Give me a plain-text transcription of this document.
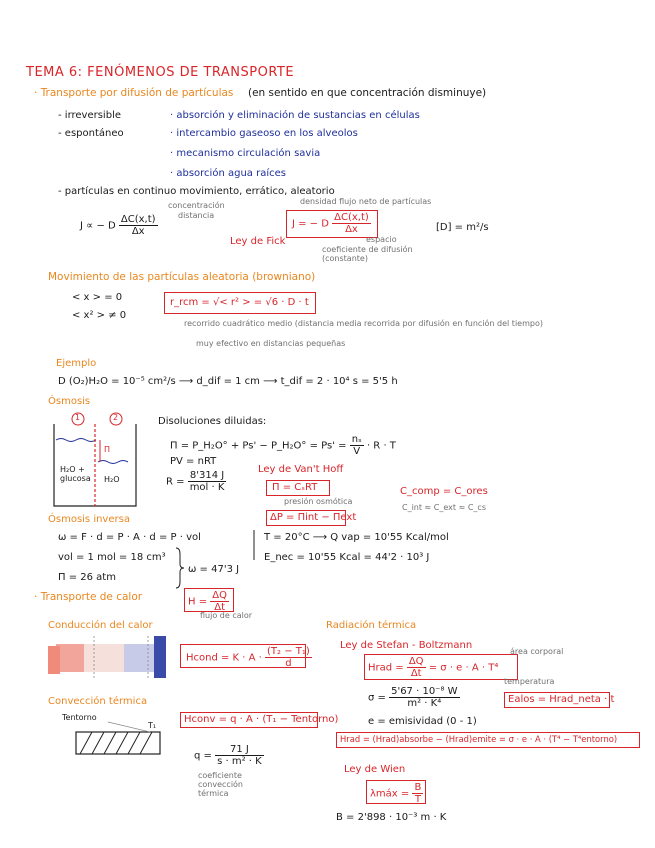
TEMA 6: FENÓMENOS DE TRANSPORTE
· Transporte por difusión de partículas (en sentido en que concentración disminuye)
- irreversible
- espontáneo
· absorción y eliminación de sustancias en células
· intercambio gaseoso en los alveolos
· mecanismo circulación savia
· absorción agua raíces
- partículas en continuo movimiento, errático, aleatorio
J ∝ − D $\frac{\Delta C(x,t)}{\Delta x}$
concentración
distancia
J = − D $\frac{\Delta C(x,t)}{\Delta x}$
densidad flujo neto de partículas
espacio
coeficiente de difusión (constante)
Ley de Fick
[D] = m²/s
Movimiento de las partículas aleatoria (browniano)
< x > = 0
< x² > ≠ 0
r_rcm = √< r² > = √6 · D · t
recorrido cuadrático medio (distancia media recorrida por difusión en función del tiempo)
muy efectivo en distancias pequeñas
Ejemplo
D (O₂)H₂O = 10⁻⁵ cm²/s ⟶ d_dif = 1 cm ⟶ t_dif = 2 · 10⁴ s = 5'5 h
Ósmosis
1	2
Π
H₂O + glucosa	H₂O
Disoluciones diluidas:
Π = P_H₂O° + Ps' − P_H₂O° = $Ps' = \frac{\text{nₛ}}{V} \cdot R \cdot T$
PV = nRT
$R = \frac{8'314 J}{\text{mol · K}}$
Ley de Van't Hoff
Π = CₛRT
presión osmótica
ΔP = Πint − Πext
C_comp = C_ores
C_int ≈ C_ext ≈ C_cs
Ósmosis inversa
ω = F · d = P · A · d = P · vol
vol = 1 mol = 18 cm³
Π = 26 atm
ω = 47'3 J
T = 20°C ⟶ Q vap = 10'55 Kcal/mol
E_nec = 10'55 Kcal = 44'2 · 10³ J
· Transporte de calor	$H = \frac{\Delta Q}{\Delta t}$
flujo de calor
Conducción del calor
Hcond = $K \cdot A \cdot \frac{\text{(T₂ − T₁)}}{d}$
Convección térmica
Tentorno
T₁
Hconv = q · A · (T₁ − Tentorno)
$q = \frac{71 J}{\text{s · m² · K}}$
coeficiente convección térmica
Radiación térmica
Ley de Stefan - Boltzmann
Hrad = $\frac{\Delta Q}{\Delta t} = \sigma \cdot e \cdot A \cdot T^4$
área corporal
temperatura
$\sigma = \frac{\text{5'67 · 10⁻⁸ W}}{\text{m² · K⁴}}$	Ealos = Hrad_neta · t
e = emisividad (0 - 1)
Hrad = (Hrad)absorbe − (Hrad)emite = σ · e · A · (T⁴ − T⁴entorno)
Ley de Wien
λmáx = $\frac{B}{T}$
B = 2'898 · 10⁻³ m · K
